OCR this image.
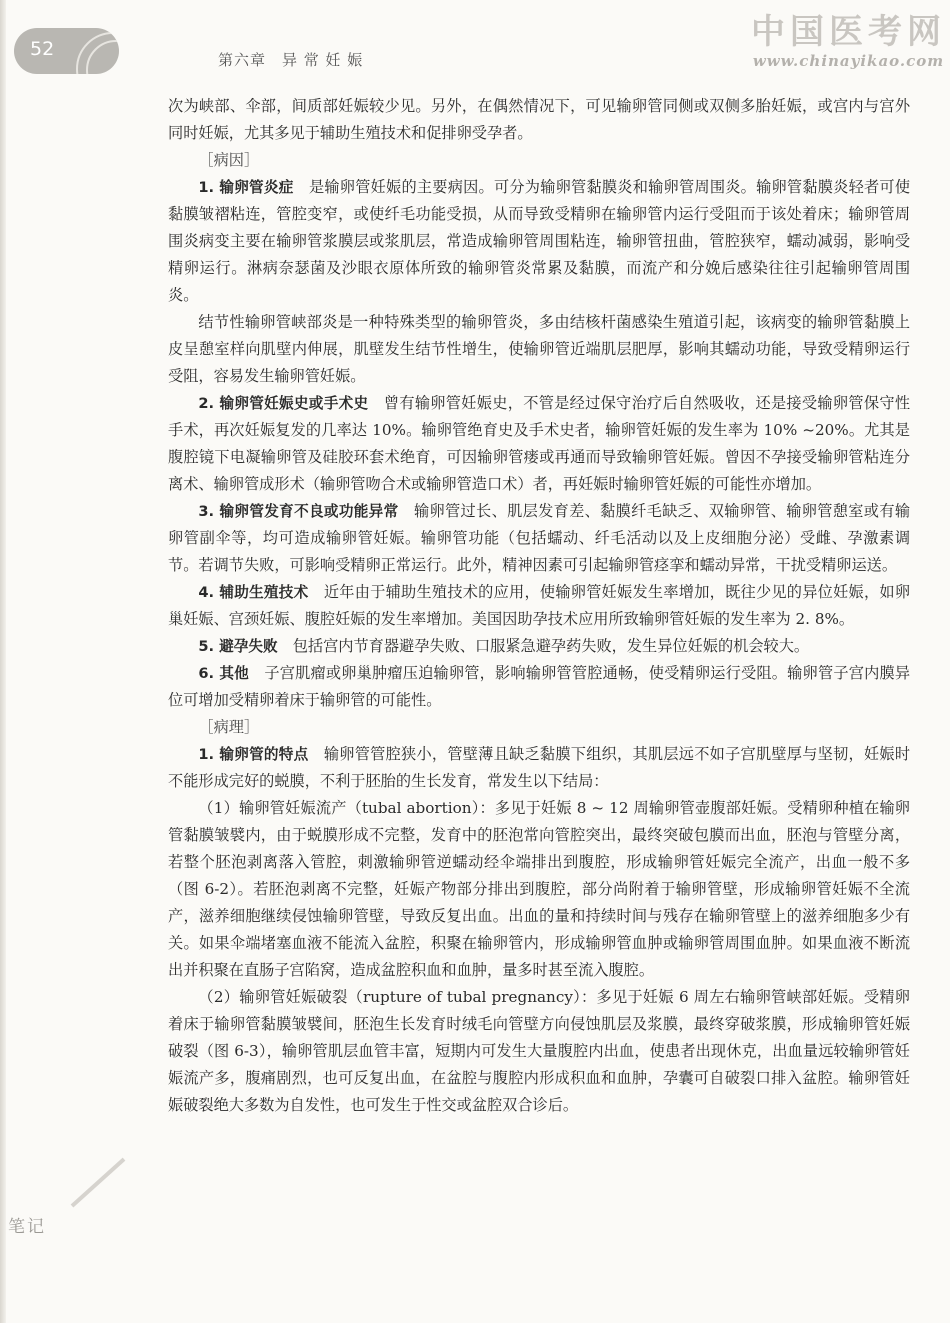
52	第六章　异 常 妊 娠
中国医考网
www.chinayikao.com

次为峡部、伞部，间质部妊娠较少见。另外，在偶然情况下，可见输卵管同侧或双侧多胎妊娠，或宫内与宫外同时妊娠，尤其多见于辅助生殖技术和促排卵受孕者。

［病因］

1. 输卵管炎症　 是输卵管妊娠的主要病因。可分为输卵管黏膜炎和输卵管周围炎。输卵管黏膜炎轻者可使黏膜皱褶粘连，管腔变窄，或使纤毛功能受损，从而导致受精卵在输卵管内运行受阻而于该处着床；输卵管周围炎病变主要在输卵管浆膜层或浆肌层，常造成输卵管周围粘连，输卵管扭曲，管腔狭窄，蠕动减弱，影响受精卵运行。淋病奈瑟菌及沙眼衣原体所致的输卵管炎常累及黏膜，而流产和分娩后感染往往引起输卵管周围炎。

结节性输卵管峡部炎是一种特殊类型的输卵管炎，多由结核杆菌感染生殖道引起，该病变的输卵管黏膜上皮呈憩室样向肌壁内伸展，肌壁发生结节性增生，使输卵管近端肌层肥厚，影响其蠕动功能，导致受精卵运行受阻，容易发生输卵管妊娠。

2. 输卵管妊娠史或手术史　 曾有输卵管妊娠史，不管是经过保守治疗后自然吸收，还是接受输卵管保守性手术，再次妊娠复发的几率达 10%。输卵管绝育史及手术史者，输卵管妊娠的发生率为 10% ~20%。尤其是腹腔镜下电凝输卵管及硅胶环套术绝育，可因输卵管瘘或再通而导致输卵管妊娠。曾因不孕接受输卵管粘连分离术、输卵管成形术（输卵管吻合术或输卵管造口术）者，再妊娠时输卵管妊娠的可能性亦增加。

3. 输卵管发育不良或功能异常　 输卵管过长、肌层发育差、黏膜纤毛缺乏、双输卵管、输卵管憩室或有输卵管副伞等，均可造成输卵管妊娠。输卵管功能（包括蠕动、纤毛活动以及上皮细胞分泌）受雌、孕激素调节。若调节失败，可影响受精卵正常运行。此外，精神因素可引起输卵管痉挛和蠕动异常，干扰受精卵运送。

4. 辅助生殖技术　 近年由于辅助生殖技术的应用，使输卵管妊娠发生率增加，既往少见的异位妊娠，如卵巢妊娠、宫颈妊娠、腹腔妊娠的发生率增加。美国因助孕技术应用所致输卵管妊娠的发生率为 2. 8%。

5. 避孕失败　 包括宫内节育器避孕失败、口服紧急避孕药失败，发生异位妊娠的机会较大。

6. 其他　 子宫肌瘤或卵巢肿瘤压迫输卵管，影响输卵管管腔通畅，使受精卵运行受阻。输卵管子宫内膜异位可增加受精卵着床于输卵管的可能性。

［病理］

1. 输卵管的特点　 输卵管管腔狭小，管壁薄且缺乏黏膜下组织，其肌层远不如子宫肌壁厚与坚韧，妊娠时不能形成完好的蜕膜，不利于胚胎的生长发育，常发生以下结局：

（1）输卵管妊娠流产（tubal abortion）：多见于妊娠 8 ~ 12 周输卵管壶腹部妊娠。受精卵种植在输卵管黏膜皱襞内，由于蜕膜形成不完整，发育中的胚泡常向管腔突出，最终突破包膜而出血，胚泡与管壁分离，若整个胚泡剥离落入管腔，刺激输卵管逆蠕动经伞端排出到腹腔，形成输卵管妊娠完全流产，出血一般不多（图 6-2）。若胚泡剥离不完整，妊娠产物部分排出到腹腔，部分尚附着于输卵管壁，形成输卵管妊娠不全流产，滋养细胞继续侵蚀输卵管壁，导致反复出血。出血的量和持续时间与残存在输卵管壁上的滋养细胞多少有关。如果伞端堵塞血液不能流入盆腔，积聚在输卵管内，形成输卵管血肿或输卵管周围血肿。如果血液不断流出并积聚在直肠子宫陷窝，造成盆腔积血和血肿，量多时甚至流入腹腔。

（2）输卵管妊娠破裂（rupture of tubal pregnancy）：多见于妊娠 6 周左右输卵管峡部妊娠。受精卵着床于输卵管黏膜皱襞间，胚泡生长发育时绒毛向管壁方向侵蚀肌层及浆膜，最终穿破浆膜，形成输卵管妊娠破裂（图 6-3），输卵管肌层血管丰富，短期内可发生大量腹腔内出血，使患者出现休克，出血量远较输卵管妊娠流产多，腹痛剧烈，也可反复出血，在盆腔与腹腔内形成积血和血肿，孕囊可自破裂口排入盆腔。输卵管妊娠破裂绝大多数为自发性，也可发生于性交或盆腔双合诊后。

笔记
